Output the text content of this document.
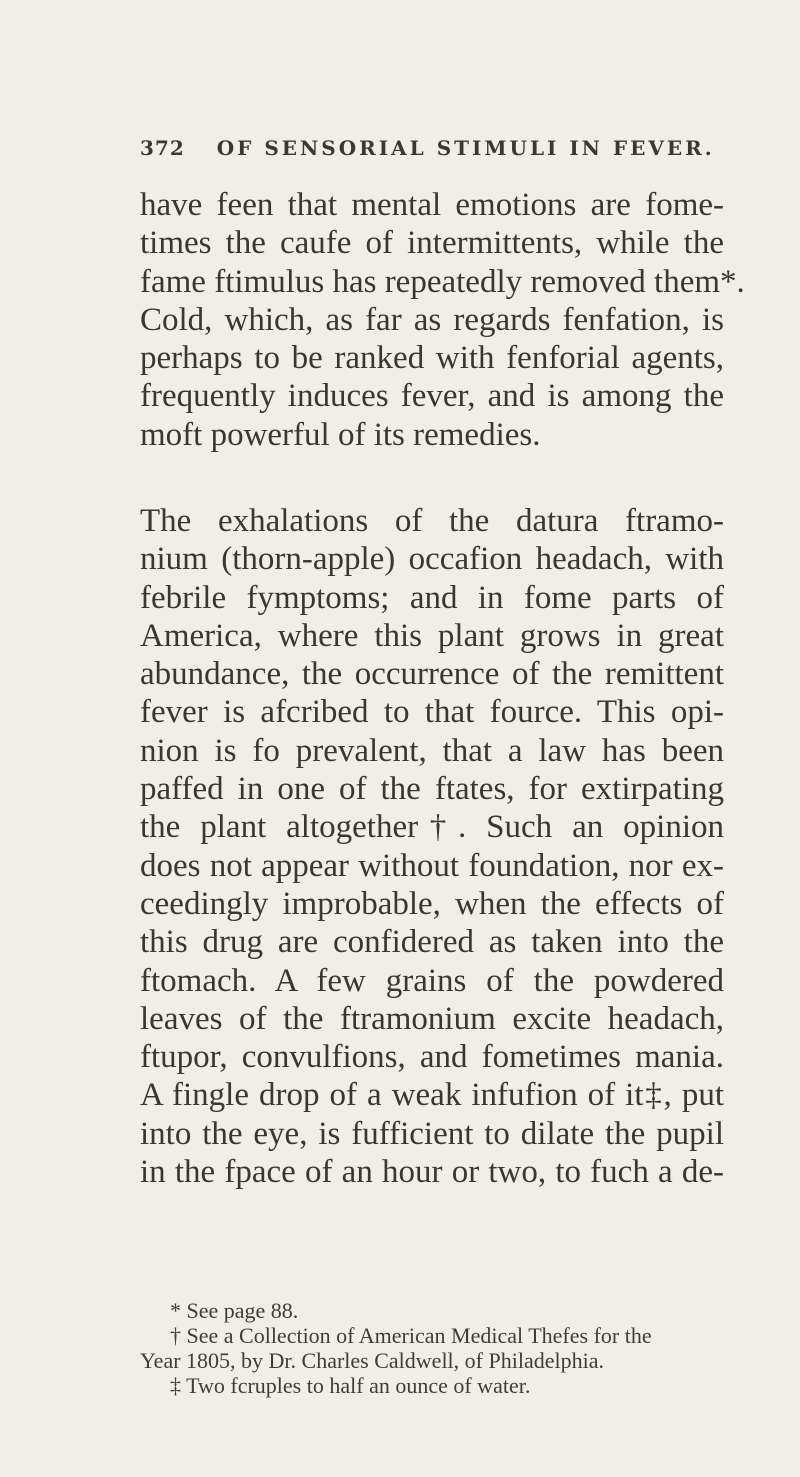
372 OF SENSORIAL STIMULI IN FEVER.
have feen that mental emotions are fome-
times the caufe of intermittents, while the
fame ftimulus has repeatedly removed them*.
Cold, which, as far as regards fenfation, is
perhaps to be ranked with fenforial agents,
frequently induces fever, and is among the
moft powerful of its remedies.
The exhalations of the datura ftramo-
nium (thorn-apple) occafion headach, with
febrile fymptoms; and in fome parts of
America, where this plant grows in great
abundance, the occurrence of the remittent
fever is afcribed to that fource. This opi-
nion is fo prevalent, that a law has been
paffed in one of the ftates, for extirpating
the plant altogether†. Such an opinion
does not appear without foundation, nor ex-
ceedingly improbable, when the effects of
this drug are confidered as taken into the
ftomach. A few grains of the powdered
leaves of the ftramonium excite headach,
ftupor, convulfions, and fometimes mania.
A fingle drop of a weak infufion of it‡, put
into the eye, is fufficient to dilate the pupil
in the fpace of an hour or two, to fuch a de-
* See page 88.
† See a Collection of American Medical Thefes for the
Year 1805, by Dr. Charles Caldwell, of Philadelphia.
‡ Two fcruples to half an ounce of water.
